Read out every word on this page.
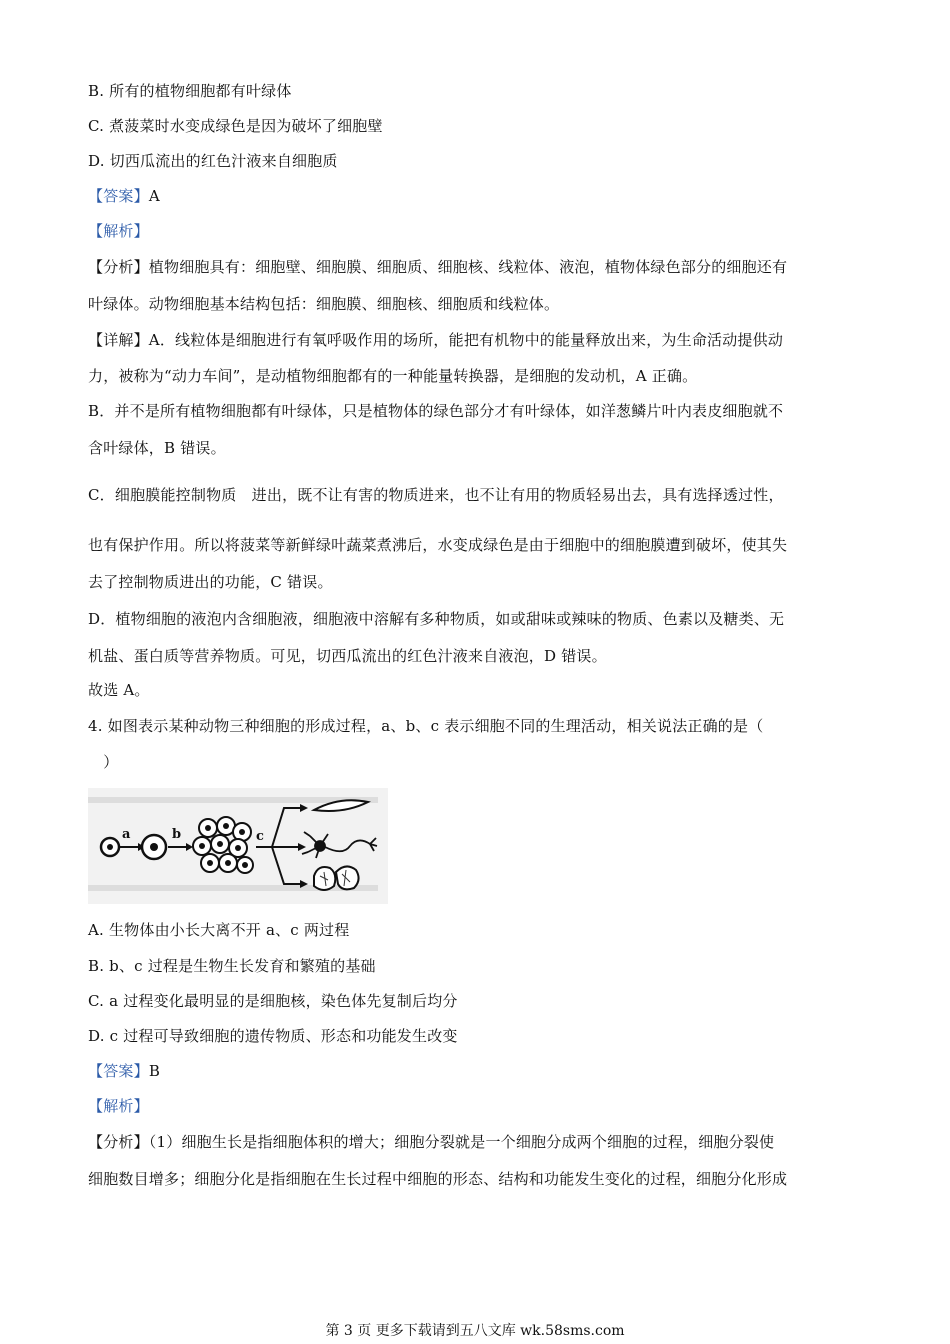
B. 所有的植物细胞都有叶绿体
C. 煮菠菜时水变成绿色是因为破坏了细胞壁
D. 切西瓜流出的红色汁液来自细胞质
【答案】A
【解析】
【分析】植物细胞具有：细胞壁、细胞膜、细胞质、细胞核、线粒体、液泡，植物体绿色部分的细胞还有
叶绿体。动物细胞基本结构包括：细胞膜、细胞核、细胞质和线粒体。
【详解】A．线粒体是细胞进行有氧呼吸作用的场所，能把有机物中的能量释放出来，为生命活动提供动
力，被称为“动力车间”，是动植物细胞都有的一种能量转换器，是细胞的发动机，A 正确。
B．并不是所有植物细胞都有叶绿体，只是植物体的绿色部分才有叶绿体，如洋葱鳞片叶内表皮细胞就不
含叶绿体，B 错误。
C．细胞膜能控制物质　进出，既不让有害的物质进来，也不让有用的物质轻易出去，具有选择透过性，
也有保护作用。所以将菠菜等新鲜绿叶蔬菜煮沸后，水变成绿色是由于细胞中的细胞膜遭到破坏，使其失
去了控制物质进出的功能，C 错误。
D．植物细胞的液泡内含细胞液，细胞液中溶解有多种物质，如或甜味或辣味的物质、色素以及糖类、无
机盐、蛋白质等营养物质。可见，切西瓜流出的红色汁液来自液泡，D 错误。
故选 A。
4. 如图表示某种动物三种细胞的形成过程，a、b、c 表示细胞不同的生理活动，相关说法正确的是（
　）
a	b	c
A. 生物体由小长大离不开 a、c 两过程
B. b、c 过程是生物生长发育和繁殖的基础
C. a 过程变化最明显的是细胞核，染色体先复制后均分
D. c 过程可导致细胞的遗传物质、形态和功能发生改变
【答案】B
【解析】
【分析】（1）细胞生长是指细胞体积的增大；细胞分裂就是一个细胞分成两个细胞的过程，细胞分裂使
细胞数目增多；细胞分化是指细胞在生长过程中细胞的形态、结构和功能发生变化的过程，细胞分化形成
第 3 页 更多下载请到五八文库 wk.58sms.com
